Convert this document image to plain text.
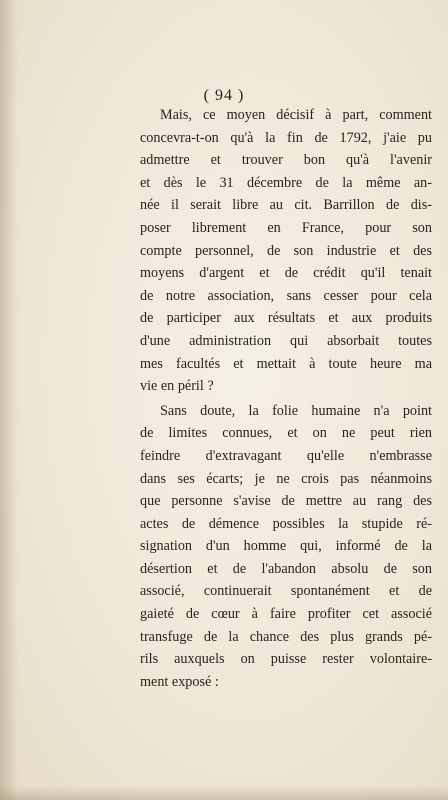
( 94 )
Mais, ce moyen décisif à part, comment
concevra-t-on qu'à la fin de 1792, j'aie pu
admettre et trouver bon qu'à l'avenir
et dès le 31 décembre de la même an-
née il serait libre au cit. Barrillon de dis-
poser librement en France, pour son
compte personnel, de son industrie et des
moyens d'argent et de crédit qu'il tenait
de notre association, sans cesser pour cela
de participer aux résultats et aux produits
d'une administration qui absorbait toutes
mes facultés et mettait à toute heure ma
vie en péril ?
Sans doute, la folie humaine n'a point
de limites connues, et on ne peut rien
feindre d'extravagant qu'elle n'embrasse
dans ses écarts; je ne crois pas néanmoins
que personne s'avise de mettre au rang des
actes de démence possibles la stupide ré-
signation d'un homme qui, informé de la
désertion et de l'abandon absolu de son
associé, continuerait spontanément et de
gaieté de cœur à faire profiter cet associé
transfuge de la chance des plus grands pé-
rils auxquels on puisse rester volontaire-
ment exposé :
